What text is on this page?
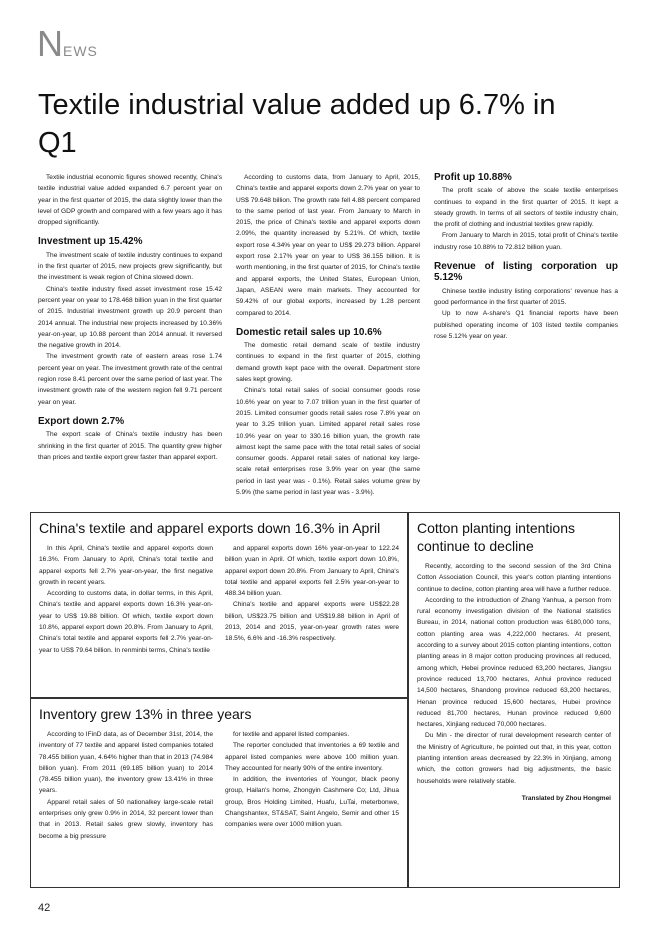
NEWS
Textile industrial value added up 6.7% in Q1

Textile industrial economic figures showed recently, China's textile industrial value added expanded 6.7 percent year on year in the first quarter of 2015, the data slightly lower than the level of GDP growth and compared with a few years ago it has dropped significantly.

Investment up 15.42%

The investment scale of textile industry continues to expand in the first quarter of 2015, new projects grew significantly, but the investment is weak region of China slowed down.

China's textile industry fixed asset investment rose 15.42 percent year on year to 178.468 billion yuan in the first quarter of 2015. Industrial investment growth up 20.9 percent than 2014 annual. The industrial new projects increased by 10.36% year-on-year, up 10.88 percent than 2014 annual. It reversed the negative growth in 2014.

The investment growth rate of eastern areas rose 1.74 percent year on year. The investment growth rate of the central region rose 8.41 percent over the same period of last year. The investment growth rate of the western region fell 9.71 percent year on year.

Export down 2.7%

The export scale of China's textile industry has been shrinking in the first quarter of 2015. The quantity grew higher than prices and textile export grew faster than apparel export.

According to customs data, from January to April, 2015, China's textile and apparel exports down 2.7% year on year to US$ 79.648 billion. The growth rate fell 4.88 percent compared to the same period of last year. From January to March in 2015, the price of China's textile and apparel exports down 2.09%, the quantity increased by 5.21%. Of which, textile export rose 4.34% year on year to US$ 29.273 billion. Apparel export rose 2.17% year on year to US$ 36.155 billion. It is worth mentioning, in the first quarter of 2015, for China's textile and apparel exports, the United States, European Union, Japan, ASEAN were main markets. They accounted for 59.42% of our global exports, increased by 1.28 percent compared to 2014.

Domestic retail sales up 10.6%

The domestic retail demand scale of textile industry continues to expand in the first quarter of 2015, clothing demand growth kept pace with the overall. Department store sales kept growing.

China's total retail sales of social consumer goods rose 10.6% year on year to 7.07 trillion yuan in the first quarter of 2015. Limited consumer goods retail sales rose 7.8% year on year to 3.25 trillion yuan. Limited apparel retail sales rose 10.9% year on year to 330.16 billion yuan, the growth rate almost kept the same pace with the total retail sales of social consumer goods. Apparel retail sales of national key large-scale retail enterprises rose 3.9% year on year (the same period in last year was - 0.1%). Retail sales volume grew by 5.9% (the same period in last year was - 3.9%).

Profit up 10.88%

The profit scale of above the scale textile enterprises continues to expand in the first quarter of 2015. It kept a steady growth. In terms of all sectors of textile industry chain, the profit of clothing and industrial textiles grew rapidly.

From January to March in 2015, total profit of China's textile industry rose 10.88% to 72.812 billion yuan.

Revenue of listing corporation up 5.12%

Chinese textile industry listing corporations' revenue has a good performance in the first quarter of 2015.

Up to now A-share's Q1 financial reports have been published operating income of 103 listed textile companies rose 5.12% year on year.

China's textile and apparel exports down 16.3% in April

In this April, China's textile and apparel exports down 16.3%. From January to April, China's total textile and apparel exports fell 2.7% year-on-year, the first negative growth in recent years.

According to customs data, in dollar terms, in this April, China's textile and apparel exports down 16.3% year-on-year to US$ 19.88 billion. Of which, textile export down 10.8%, apparel export down 20.8%. From January to April, China's total textile and apparel exports fell 2.7% year-on-year to US$ 79.64 billion. In renminbi terms, China's textile

and apparel exports down 16% year-on-year to 122.24 billion yuan in April. Of which, textile export down 10.8%, apparel export down 20.8%. From January to April, China's total textile and apparel exports fell 2.5% year-on-year to 488.34 billion yuan.

China's textile and apparel exports were US$22.28 billion, US$23.75 billion and US$19.88 billion in April of 2013, 2014 and 2015, year-on-year growth rates were 18.5%, 6.6% and -16.3% respectively.

Inventory grew 13% in three years

According to IFinD data, as of December 31st, 2014, the inventory of 77 textile and apparel listed companies totaled 78.455 billion yuan, 4.64% higher than that in 2013 (74.984 billion yuan). From 2011 (69.185 billion yuan) to 2014 (78.455 billion yuan), the inventory grew 13.41% in three years.

Apparel retail sales of 50 nationalkey large-scale retail enterprises only grew 0.9% in 2014, 32 percent lower than that in 2013. Retail sales grew slowly, inventory has become a big pressure

for textile and apparel listed companies.

The reporter concluded that inventories a 69 textile and apparel listed companies were above 100 million yuan. They accounted for nearly 90% of the entire inventory.

In addition, the inventories of Youngor, black peony group, Hailan's home, Zhongyin Cashmere Co; Ltd, Jihua group, Bros Holding Limited, Huafu, LuTai, meterbonwe, Changshantex, ST&SAT, Saint Angelo, Semir and other 15 companies were over 1000 million yuan.

Cotton planting intentions continue to decline

Recently, according to the second session of the 3rd China Cotton Association Council, this year's cotton planting intentions continue to decline, cotton planting area will have a further reduce.

According to the introduction of Zhang Yanhua, a person from rural economy investigation division of the National statistics Bureau, in 2014, national cotton production was 6180,000 tons, cotton planting area was 4,222,000 hectares. At present, according to a survey about 2015 cotton planting intentions, cotton planting areas in 8 major cotton producing provinces all reduced, among which, Hebei province reduced 63,200 hectares, Jiangsu province reduced 13,700 hectares, Anhui province reduced 14,500 hectares, Shandong province reduced 63,200 hectares, Henan province reduced 15,600 hectares, Hubei province reduced 81,700 hectares, Hunan province reduced 9,600 hectares, Xinjiang reduced 70,000 hectares.

Du Min - the director of rural development research center of the Ministry of Agriculture, he pointed out that, in this year, cotton planting intention areas decreased by 22.3% in Xinjiang, among which, the cotton growers had big adjustments, the basic households were relatively stable.

Translated by Zhou Hongmei
42
